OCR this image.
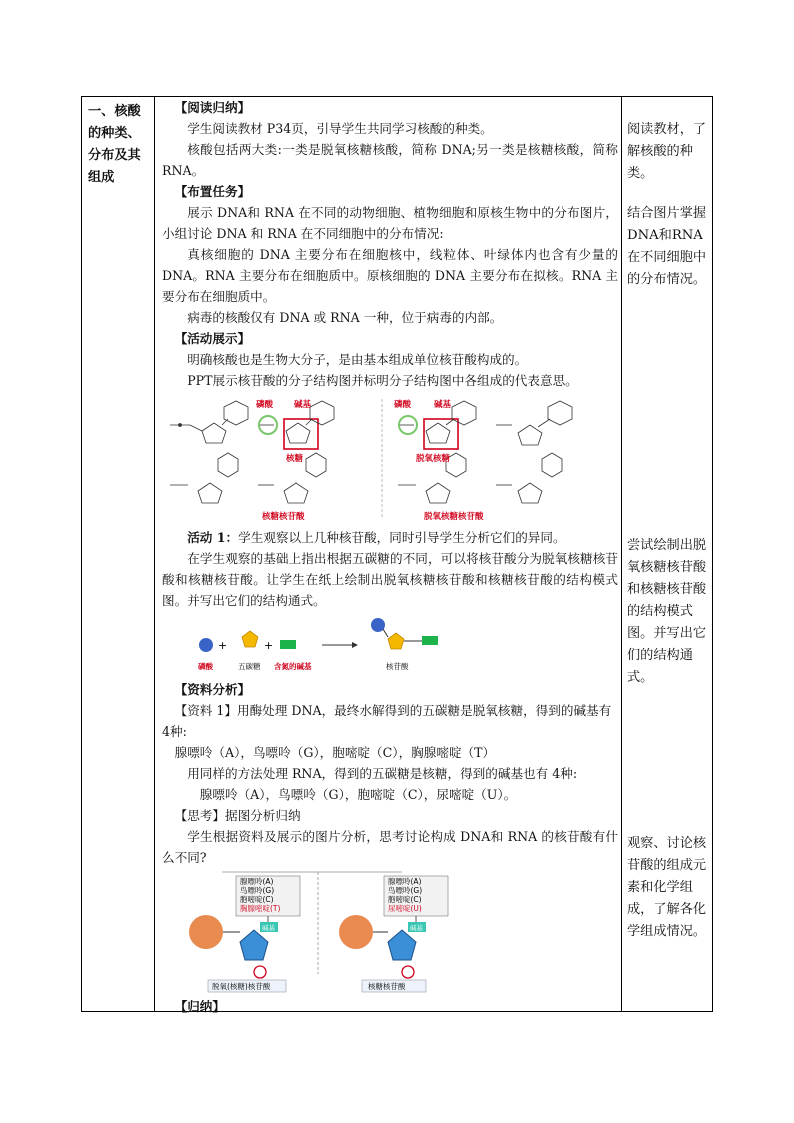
一、核酸的种类、分布及其组成

【阅读归纳】

学生阅读教材 P34页，引导学生共同学习核酸的种类。

核酸包括两大类:一类是脱氧核糖核酸，简称 DNA;另一类是核糖核酸，简称 RNA。

【布置任务】

展示 DNA和 RNA 在不同的动物细胞、植物细胞和原核生物中的分布图片，小组讨论 DNA 和 RNA 在不同细胞中的分布情况:

真核细胞的 DNA 主要分布在细胞核中，线粒体、叶绿体内也含有少量的 DNA。RNA 主要分布在细胞质中。原核细胞的 DNA 主要分布在拟核。RNA 主要分布在细胞质中。

病毒的核酸仅有 DNA 或 RNA 一种，位于病毒的内部。

【活动展示】

明确核酸也是生物大分子，是由基本组成单位核苷酸构成的。

PPT展示核苷酸的分子结构图并标明分子结构图中各组成的代表意思。

磷酸 碱基
核糖
磷酸	碱基
脱氧核糖
核糖核苷酸	脱氧核糖核苷酸

活动 1：学生观察以上几种核苷酸，同时引导学生分析它们的异同。

在学生观察的基础上指出根据五碳糖的不同，可以将核苷酸分为脱氧核糖核苷酸和核糖核苷酸。让学生在纸上绘制出脱氧核糖核苷酸和核糖核苷酸的结构模式图。并写出它们的结构通式。

+	+
磷酸	五碳糖 含氮的碱基	核苷酸

【资料分析】

【资料 1】用酶处理 DNA，最终水解得到的五碳糖是脱氧核糖，得到的碱基有 4种:

腺嘌呤（A），鸟嘌呤（G），胞嘧啶（C），胸腺嘧啶（T）

用同样的方法处理 RNA，得到的五碳糖是核糖，得到的碱基也有 4种:

腺嘌呤（A），鸟嘌呤（G），胞嘧啶（C），尿嘧啶（U）。

【思考】据图分析归纳

学生根据资料及展示的图片分析，思考讨论构成 DNA和 RNA 的核苷酸有什么不同?

腺嘌呤(A)
鸟嘌呤(G)
胞嘧啶(C)
胸腺嘧啶(T)
碱基
脱氧(核糖)核苷酸
腺嘌呤(A)
鸟嘌呤(G)
胞嘧啶(C)
尿嘧啶(U)
碱基
核糖核苷酸

【归纳】

阅读教材，了解核酸的种类。
结合图片掌握DNA和RNA在不同细胞中的分布情况。
尝试绘制出脱氧核糖核苷酸和核糖核苷酸的结构模式图。并写出它们的结构通式。
观察、讨论核苷酸的组成元素和化学组成，了解各化学组成情况。
